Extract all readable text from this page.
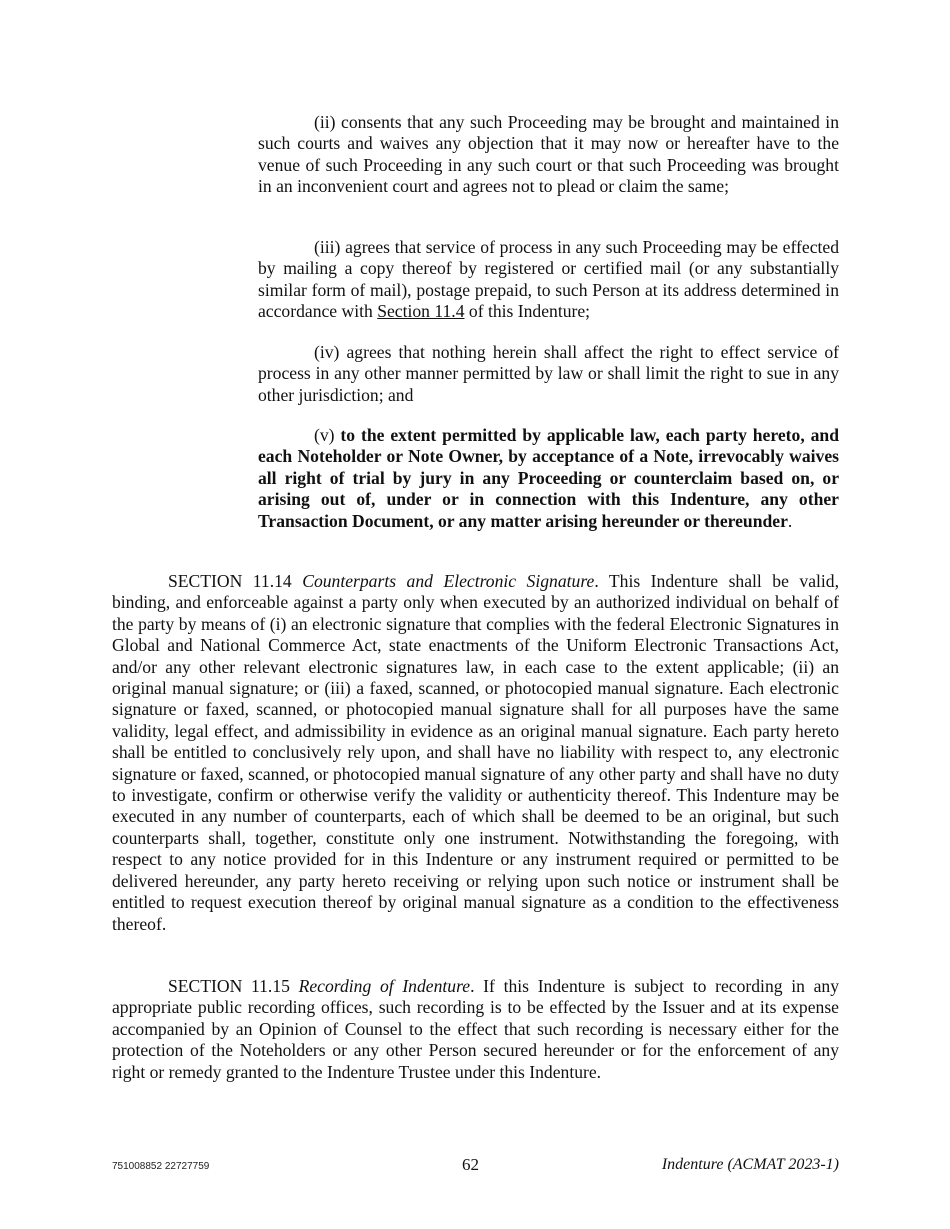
(ii) consents that any such Proceeding may be brought and maintained in such courts and waives any objection that it may now or hereafter have to the venue of such Proceeding in any such court or that such Proceeding was brought in an inconvenient court and agrees not to plead or claim the same;
(iii) agrees that service of process in any such Proceeding may be effected by mailing a copy thereof by registered or certified mail (or any substantially similar form of mail), postage prepaid, to such Person at its address determined in accordance with Section 11.4 of this Indenture;
(iv) agrees that nothing herein shall affect the right to effect service of process in any other manner permitted by law or shall limit the right to sue in any other jurisdiction; and
(v) to the extent permitted by applicable law, each party hereto, and each Noteholder or Note Owner, by acceptance of a Note, irrevocably waives all right of trial by jury in any Proceeding or counterclaim based on, or arising out of, under or in connection with this Indenture, any other Transaction Document, or any matter arising hereunder or thereunder.
SECTION 11.14 Counterparts and Electronic Signature. This Indenture shall be valid, binding, and enforceable against a party only when executed by an authorized individual on behalf of the party by means of (i) an electronic signature that complies with the federal Electronic Signatures in Global and National Commerce Act, state enactments of the Uniform Electronic Transactions Act, and/or any other relevant electronic signatures law, in each case to the extent applicable; (ii) an original manual signature; or (iii) a faxed, scanned, or photocopied manual signature. Each electronic signature or faxed, scanned, or photocopied manual signature shall for all purposes have the same validity, legal effect, and admissibility in evidence as an original manual signature. Each party hereto shall be entitled to conclusively rely upon, and shall have no liability with respect to, any electronic signature or faxed, scanned, or photocopied manual signature of any other party and shall have no duty to investigate, confirm or otherwise verify the validity or authenticity thereof. This Indenture may be executed in any number of counterparts, each of which shall be deemed to be an original, but such counterparts shall, together, constitute only one instrument. Notwithstanding the foregoing, with respect to any notice provided for in this Indenture or any instrument required or permitted to be delivered hereunder, any party hereto receiving or relying upon such notice or instrument shall be entitled to request execution thereof by original manual signature as a condition to the effectiveness thereof.
SECTION 11.15 Recording of Indenture. If this Indenture is subject to recording in any appropriate public recording offices, such recording is to be effected by the Issuer and at its expense accompanied by an Opinion of Counsel to the effect that such recording is necessary either for the protection of the Noteholders or any other Person secured hereunder or for the enforcement of any right or remedy granted to the Indenture Trustee under this Indenture.
751008852 22727759	62	Indenture (ACMAT 2023-1)
